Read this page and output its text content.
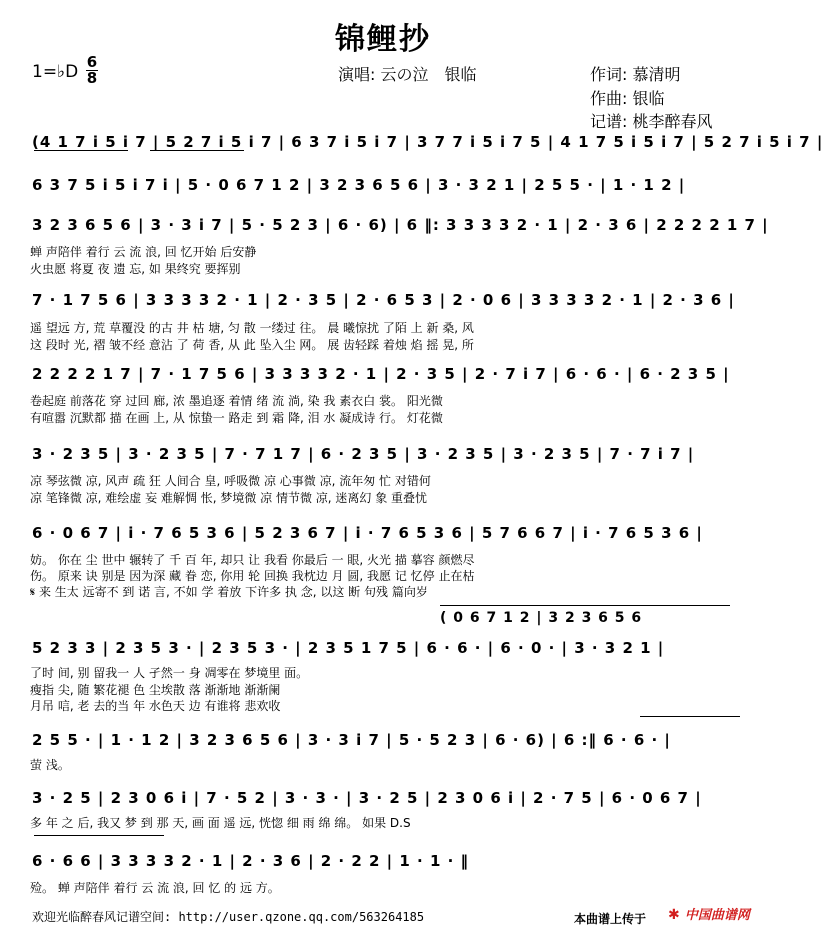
锦鲤抄
1=♭D 6
8	演唱: 云の泣　银临	作词: 慕清明
作曲: 银临
记谱: 桃李醉春风
(4 1 7 i 5 i 7 | 5 2 7 i 5 i 7 | 6 3 7 i 5 i 7 | 3 7 7 i 5 i 7 5 | 4 1 7 5 i 5 i 7 | 5 2 7 i 5 i 7 |
6 3 7 5 i 5 i 7 i | 5 · 0 6 7 1 2 | 3 2 3 6 5 6 | 3 · 3 2 1 | 2 5 5 · | 1 · 1 2 |
3 2 3 6 5 6 | 3 · 3 i 7 | 5 · 5 2 3 | 6 · 6) | 6 ‖: 3 3 3 3 2 · 1 | 2 · 3 6 | 2 2 2 2 1 7 |
蝉 声陪伴 着行 云 流 浪, 回 忆开始 后安静
火虫愿 将夏 夜 遗 忘, 如 果终究 要挥别
7 · 1 7 5 6 | 3 3 3 3 2 · 1 | 2 · 3 5 | 2 · 6 5 3 | 2 · 0 6 | 3 3 3 3 2 · 1 | 2 · 3 6 |
遥 望远 方, 荒 草覆没 的古 井 枯 塘, 匀 散 一缕过 往。 晨 曦惊扰 了陌 上 新 桑, 风
这 段时 光, 褶 皱不经 意沾 了 荷 香, 从 此 坠入尘 网。 展 齿轻踩 着烛 焰 摇 晃, 所
2 2 2 2 1 7 | 7 · 1 7 5 6 | 3 3 3 3 2 · 1 | 2 · 3 5 | 2 · 7 i 7 | 6 · 6 · | 6 · 2 3 5 |
卷起庭 前落花 穿 过回 廊, 浓 墨追逐 着情 绪 流 淌, 染 我 素衣白 裳。 阳光微
有喧嚣 沉默都 描 在画 上, 从 惊蛰一 路走 到 霜 降, 泪 水 凝成诗 行。 灯花微
3 · 2 3 5 | 3 · 2 3 5 | 7 · 7 1 7 | 6 · 2 3 5 | 3 · 2 3 5 | 3 · 2 3 5 | 7 · 7 i 7 |
凉 琴弦微 凉, 风声 疏 狂 人间合 皇, 呼吸微 凉 心事微 凉, 流年匆 忙 对错何
凉 笔锋微 凉, 难绘虚 妄 难解惆 怅, 梦境微 凉 情节微 凉, 迷离幻 象 重叠忧
6 · 0 6 7 | i · 7 6 5 3 6 | 5 2 3 6 7 | i · 7 6 5 3 6 | 5 7 6 6 7 | i · 7 6 5 3 6 |
妨。 你在 尘 世中 辗转了 千 百 年, 却只 让 我看 你最后 一 眼, 火光 描 摹容 颜燃尽
伤。 原来 诀 别是 因为深 藏 眷 恋, 你用 轮 回换 我枕边 月 圆, 我愿 记 忆停 止在枯
𝄋 来 生太 远寄不 到 诺 言, 不如 学 着放 下许多 执 念, 以这 断 句残 篇向岁
( 0 6 7 1 2 | 3 2 3 6 5 6
5 2 3 3 | 2 3 5 3 · | 2 3 5 3 · | 2 3 5 1 7 5 | 6 · 6 · | 6 · 0 · | 3 · 3 2 1 |
了时 间, 别 留我一 人 孑然一 身 凋零在 梦境里 面。
瘦指 尖, 随 繁花褪 色 尘埃散 落 渐渐地 渐渐阑
月吊 唁, 老 去的当 年 水色天 边 有谁将 悲欢收
2 5 5 · | 1 · 1 2 | 3 2 3 6 5 6 | 3 · 3 i 7 | 5 · 5 2 3 | 6 · 6) | 6 :‖ 6 · 6 · |
萤 浅。
3 · 2 5 | 2 3 0 6 i | 7 · 5 2 | 3 · 3 · | 3 · 2 5 | 2 3 0 6 i | 2 · 7 5 | 6 · 0 6 7 |
多 年 之 后, 我又 梦 到 那 天, 画 面 遥 远, 恍惚 细 雨 绵 绵。 如果 D.S
6 · 6 6 | 3 3 3 3 2 · 1 | 2 · 3 6 | 2 · 2 2 | 1 · 1 · ‖
殓。 蝉 声陪伴 着行 云 流 浪, 回 忆 的 远 方。
欢迎光临醉春风记谱空间: http://user.qzone.qq.com/563264185	本曲谱上传于 ✱ 中国曲谱网
